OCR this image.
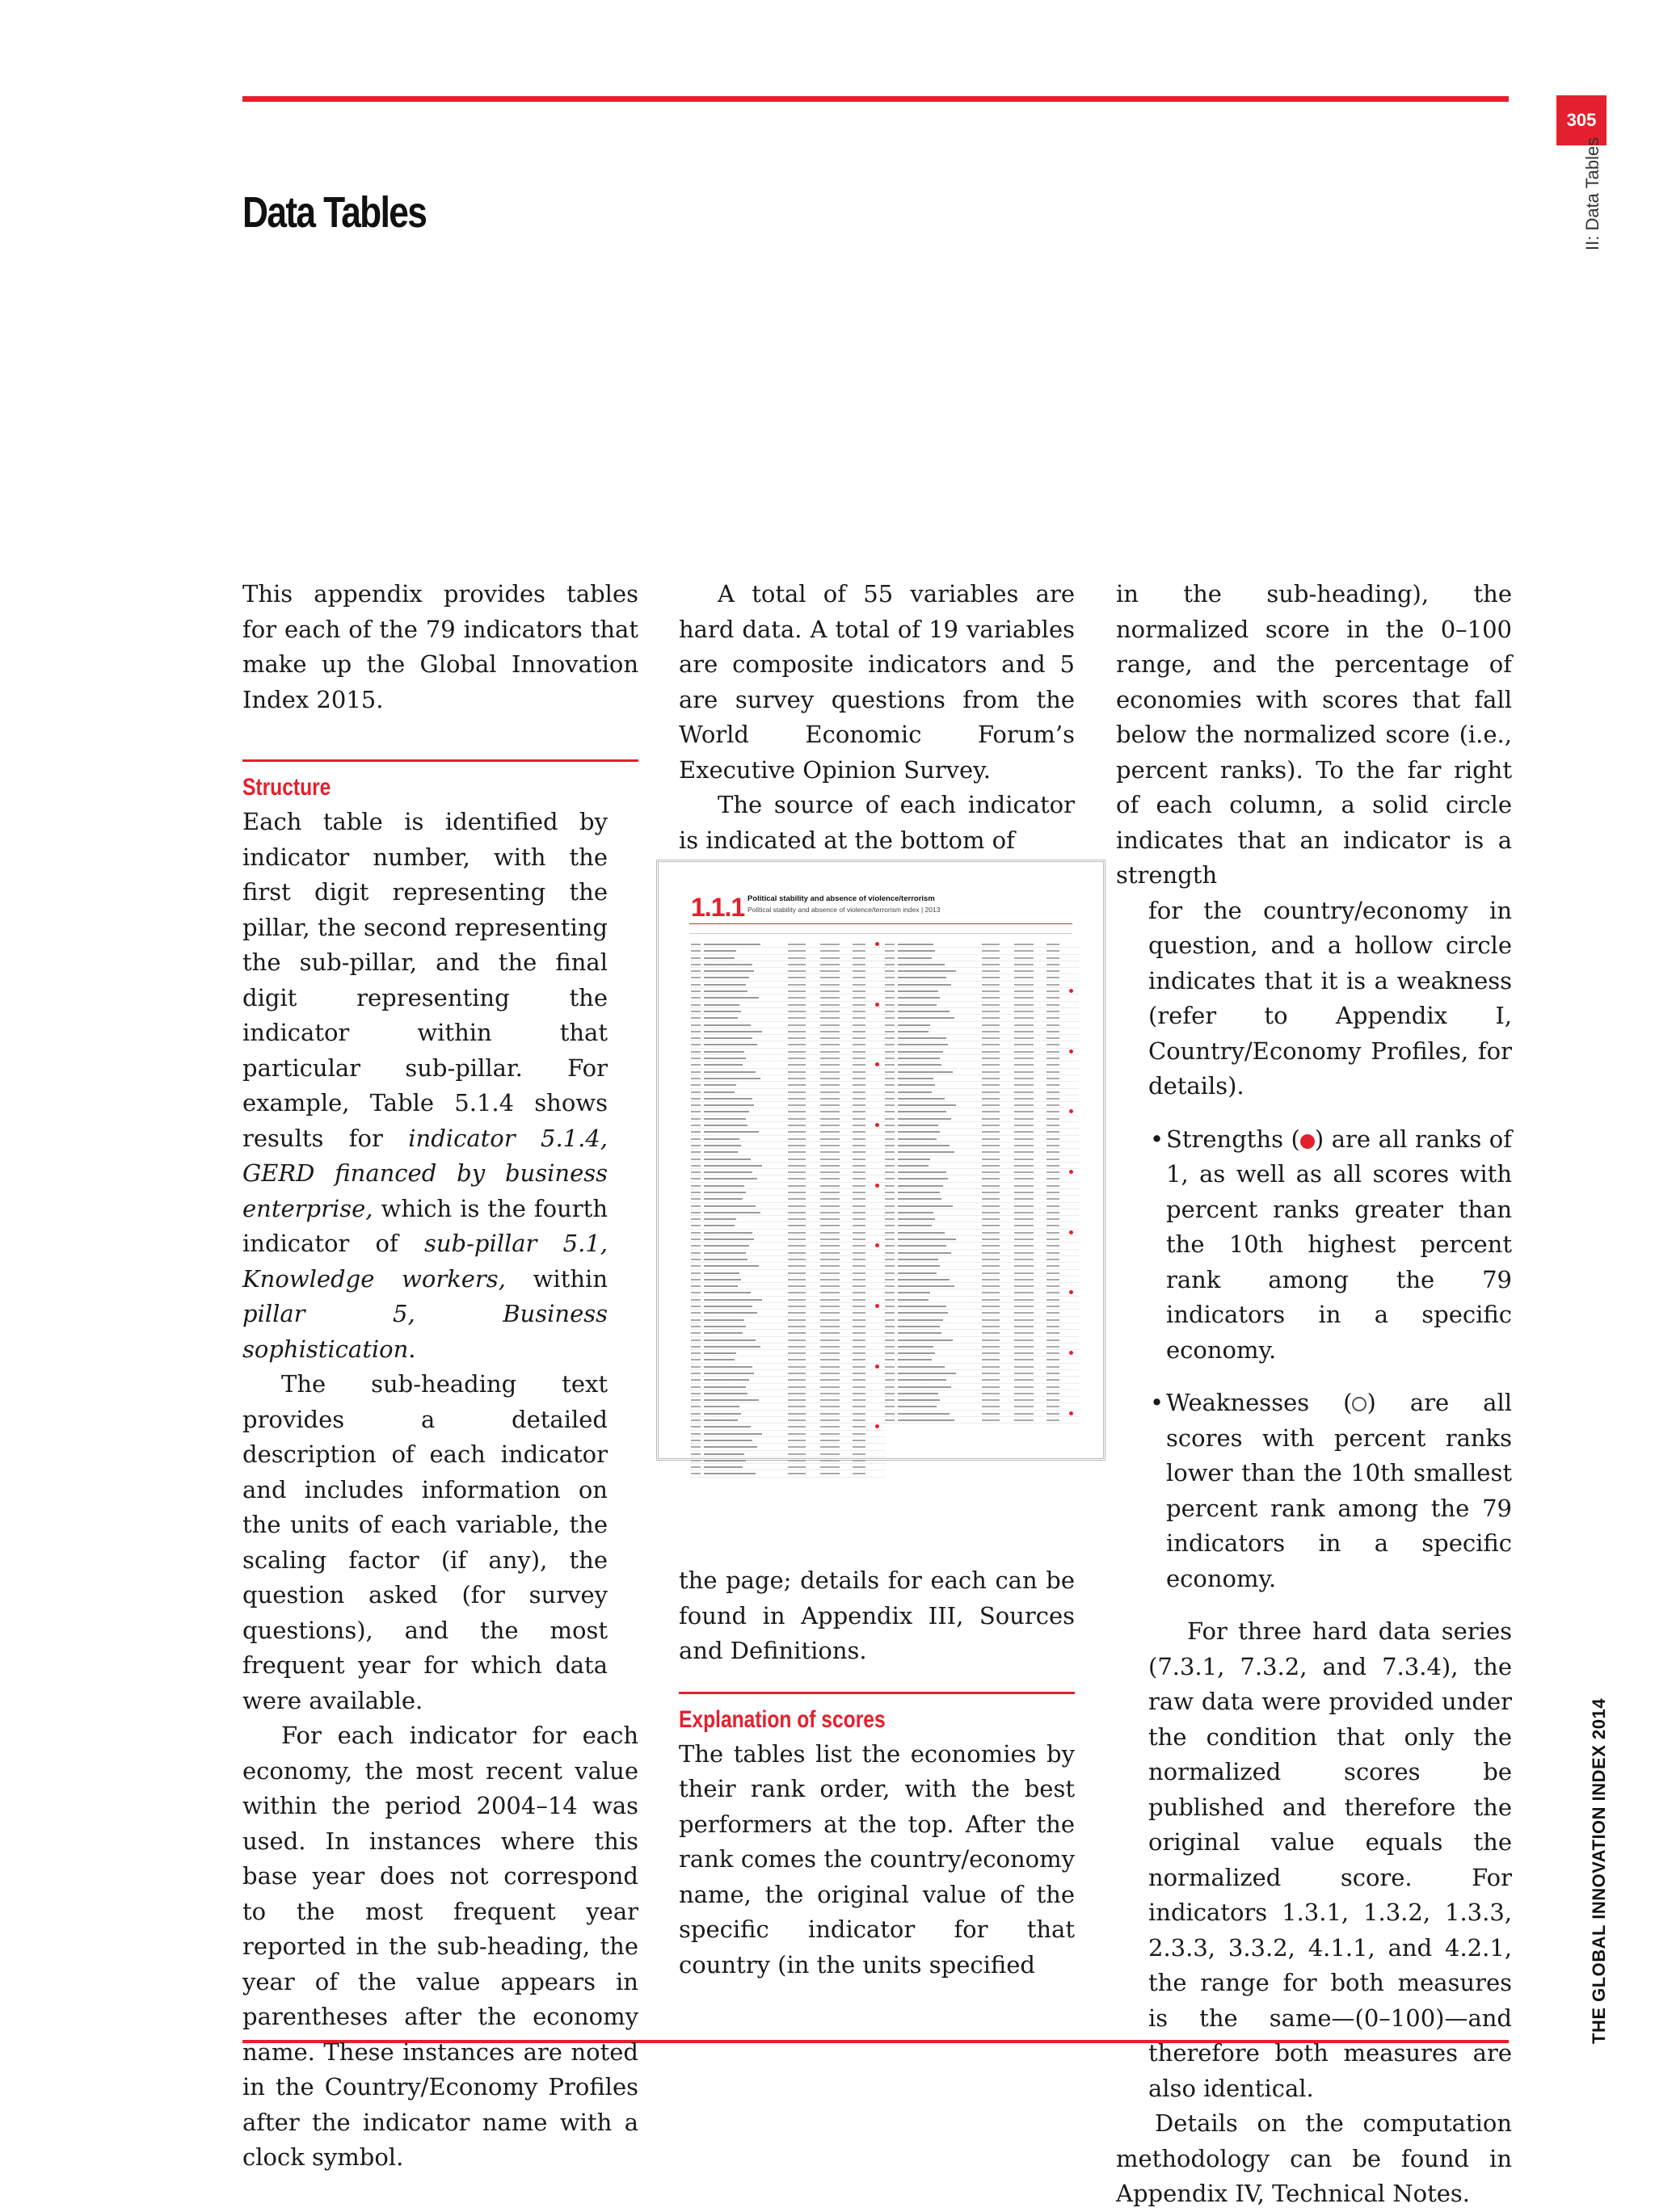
305
II: Data Tables
THE GLOBAL INNOVATION INDEX 2014
Data Tables

This appendix provides tables for each of the 79 indicators that make up the Global Innovation Index 2015.

Structure

Each table is identified by indicator number, with the first digit representing the pillar, the second representing the sub-pillar, and the final digit representing the indicator within that particular sub-pillar. For example, Table 5.1.4 shows results for indicator 5.1.4, GERD financed by business enterprise, which is the fourth indicator of sub-pillar 5.1, Knowledge workers, within pillar 5, Business sophistication.

The sub-heading text provides a detailed description of each indicator and includes information on the units of each variable, the scaling factor (if any), the question asked (for survey questions), and the most frequent year for which data were available.

For each indicator for each economy, the most recent value within the period 2004–14 was used. In instances where this base year does not correspond to the most frequent year reported in the sub-heading, the year of the value appears in parentheses after the economy name. These instances are noted in the Country/Economy Profiles after the indicator name with a clock symbol.

A total of 55 variables are hard data. A total of 19 variables are composite indicators and 5 are survey questions from the World Economic Forum’s Executive Opinion Survey.

The source of each indicator is indicated at the bottom of

the page; details for each can be found in Appendix III, Sources and Definitions.

Explanation of scores

The tables list the economies by their rank order, with the best performers at the top. After the rank comes the country/economy name, the original value of the specific indicator for that country (in the units specified

in the sub-heading), the normalized score in the 0–100 range, and the percentage of economies with scores that fall below the normalized score (i.e., percent ranks). To the far right of each column, a solid circle indicates that an indicator is a strength

for the country/economy in question, and a hollow circle indicates that it is a weakness (refer to Appendix I, Country/Economy Profiles, for details).

• Strengths ( ) are all ranks of 1, as well as all scores with percent ranks greater than the 10th highest percent rank among the 79 indicators in a specific economy.
• Weaknesses ( ) are all scores with percent ranks lower than the 10th smallest percent rank among the 79 indicators in a specific economy.

For three hard data series (7.3.1, 7.3.2, and 7.3.4), the raw data were provided under the condition that only the normalized scores be published and therefore the original value equals the normalized score. For indicators 1.3.1, 1.3.2, 1.3.3, 2.3.3, 3.3.2, 4.1.1, and 4.2.1, the range for both measures is the same—(0–100)—and therefore both measures are also identical.

Details on the computation methodology can be found in Appendix IV, Technical Notes.

1.1.1 Political stability and absence of violence/terrorism
Political stability and absence of violence/terrorism index | 2013
